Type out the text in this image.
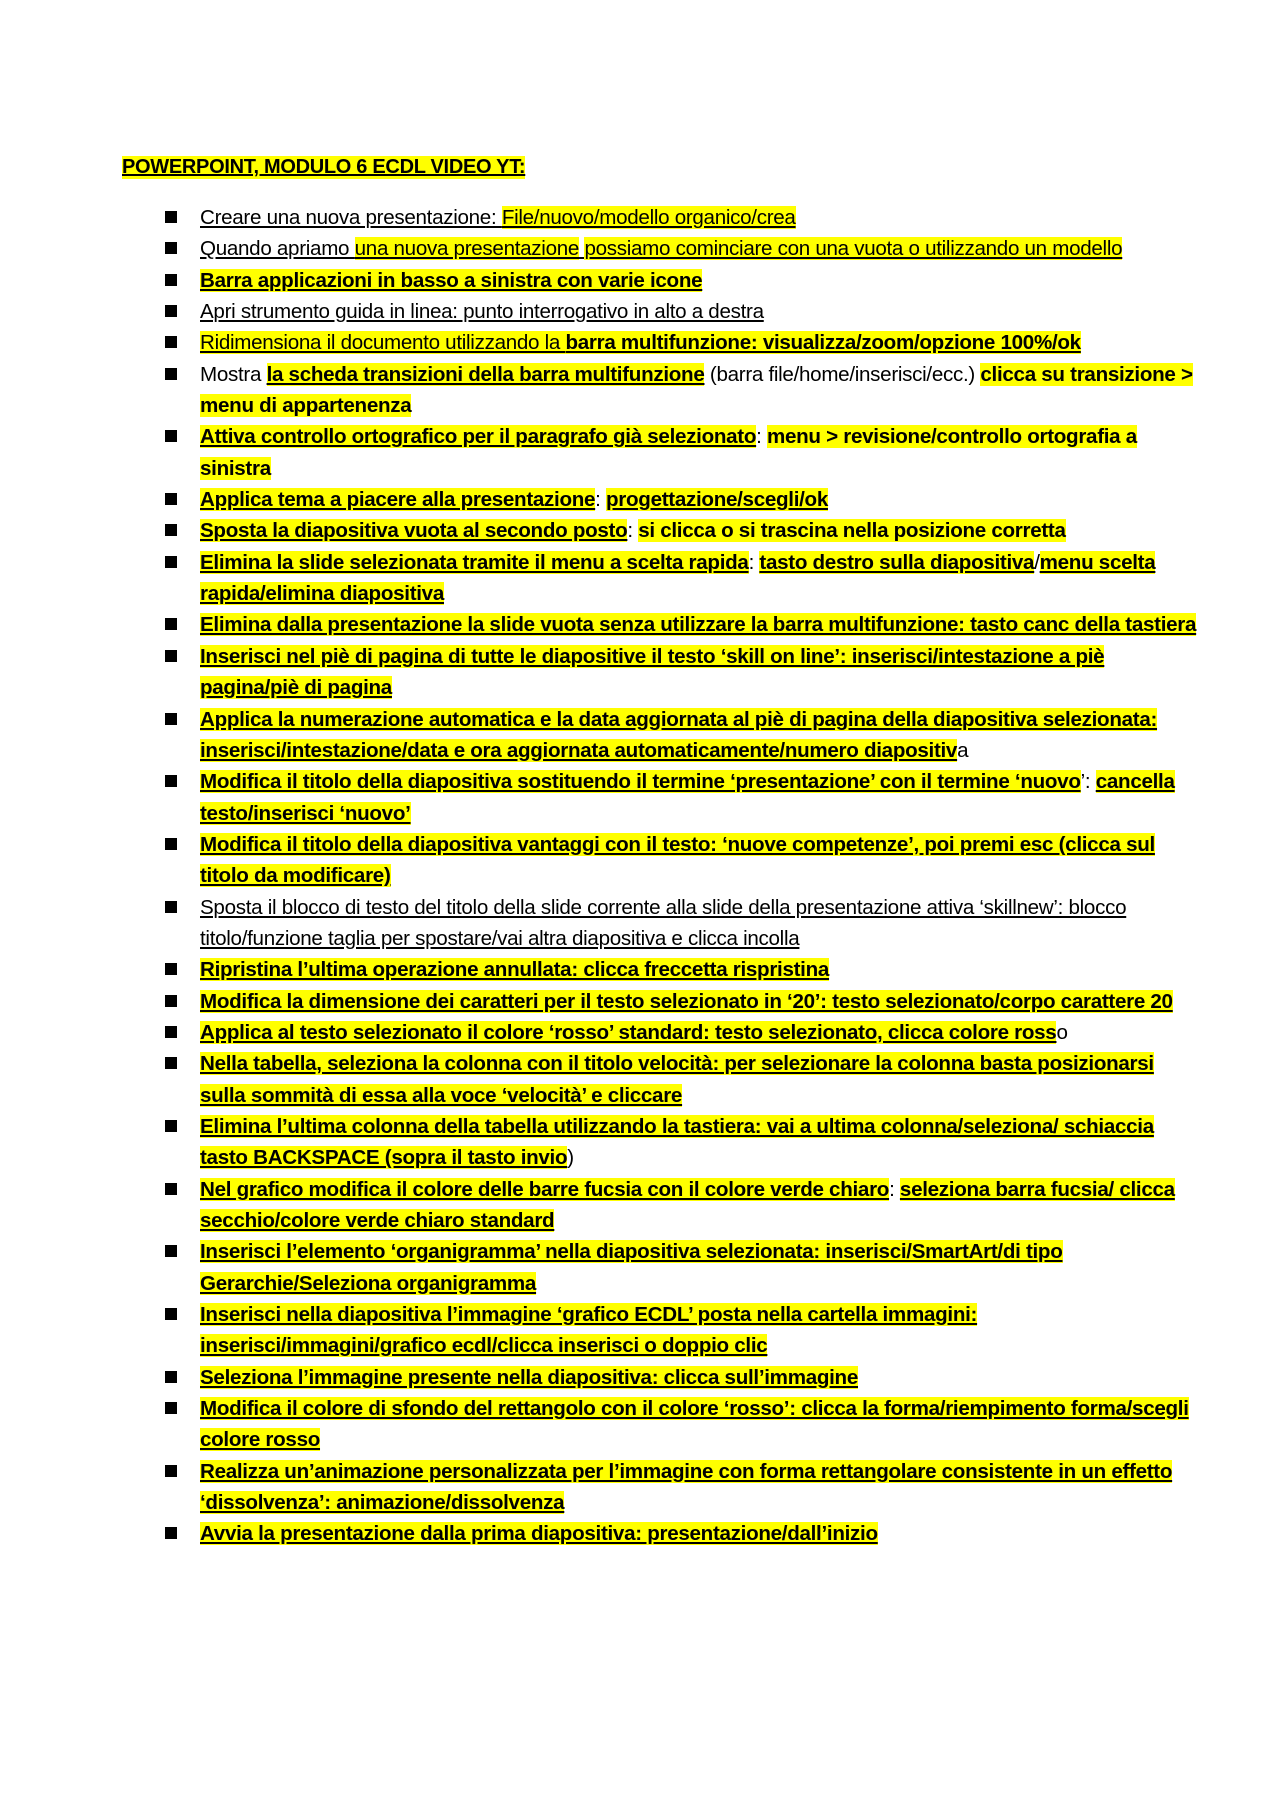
POWERPOINT, MODULO 6 ECDL VIDEO YT:
Creare una nuova presentazione: File/nuovo/modello organico/crea
Quando apriamo una nuova presentazione possiamo cominciare con una vuota o utilizzando un modello
Barra applicazioni in basso a sinistra con varie icone
Apri strumento guida in linea: punto interrogativo in alto a destra
Ridimensiona il documento utilizzando la barra multifunzione: visualizza/zoom/opzione 100%/ok
Mostra la scheda transizioni della barra multifunzione (barra file/home/inserisci/ecc.) clicca su transizione > menu di appartenenza
Attiva controllo ortografico per il paragrafo già selezionato: menu > revisione/controllo ortografia a sinistra
Applica tema a piacere alla presentazione: progettazione/scegli/ok
Sposta la diapositiva vuota al secondo posto: si clicca o si trascina nella posizione corretta
Elimina la slide selezionata tramite il menu a scelta rapida: tasto destro sulla diapositiva/menu scelta rapida/elimina diapositiva
Elimina dalla presentazione la slide vuota senza utilizzare la barra multifunzione: tasto canc della tastiera
Inserisci nel piè di pagina di tutte le diapositive il testo ‘skill on line’: inserisci/intestazione a piè pagina/piè di pagina
Applica la numerazione automatica e la data aggiornata al piè di pagina della diapositiva selezionata: inserisci/intestazione/data e ora aggiornata automaticamente/numero diapositiva
Modifica il titolo della diapositiva sostituendo il termine ‘presentazione’ con il termine ‘nuovo’: cancella testo/inserisci ‘nuovo’
Modifica il titolo della diapositiva vantaggi con il testo: ‘nuove competenze’, poi premi esc (clicca sul titolo da modificare)
Sposta il blocco di testo del titolo della slide corrente alla slide della presentazione attiva ‘skillnew’: blocco titolo/funzione taglia per spostare/vai altra diapositiva e clicca incolla
Ripristina l’ultima operazione annullata: clicca freccetta rispristina
Modifica la dimensione dei caratteri per il testo selezionato in ‘20’: testo selezionato/corpo carattere 20
Applica al testo selezionato il colore ‘rosso’ standard: testo selezionato, clicca colore rosso
Nella tabella, seleziona la colonna con il titolo velocità: per selezionare la colonna basta posizionarsi sulla sommità di essa alla voce ‘velocità’ e cliccare
Elimina l’ultima colonna della tabella utilizzando la tastiera: vai a ultima colonna/seleziona/ schiaccia tasto BACKSPACE (sopra il tasto invio)
Nel grafico modifica il colore delle barre fucsia con il colore verde chiaro: seleziona barra fucsia/ clicca secchio/colore verde chiaro standard
Inserisci l’elemento ‘organigramma’ nella diapositiva selezionata: inserisci/SmartArt/di tipo Gerarchie/Seleziona organigramma
Inserisci nella diapositiva l’immagine ‘grafico ECDL’ posta nella cartella immagini: inserisci/immagini/grafico ecdl/clicca inserisci o doppio clic
Seleziona l’immagine presente nella diapositiva: clicca sull’immagine
Modifica il colore di sfondo del rettangolo con il colore ‘rosso’: clicca la forma/riempimento forma/scegli colore rosso
Realizza un’animazione personalizzata per l’immagine con forma rettangolare consistente in un effetto ‘dissolvenza’: animazione/dissolvenza
Avvia la presentazione dalla prima diapositiva: presentazione/dall’inizio
